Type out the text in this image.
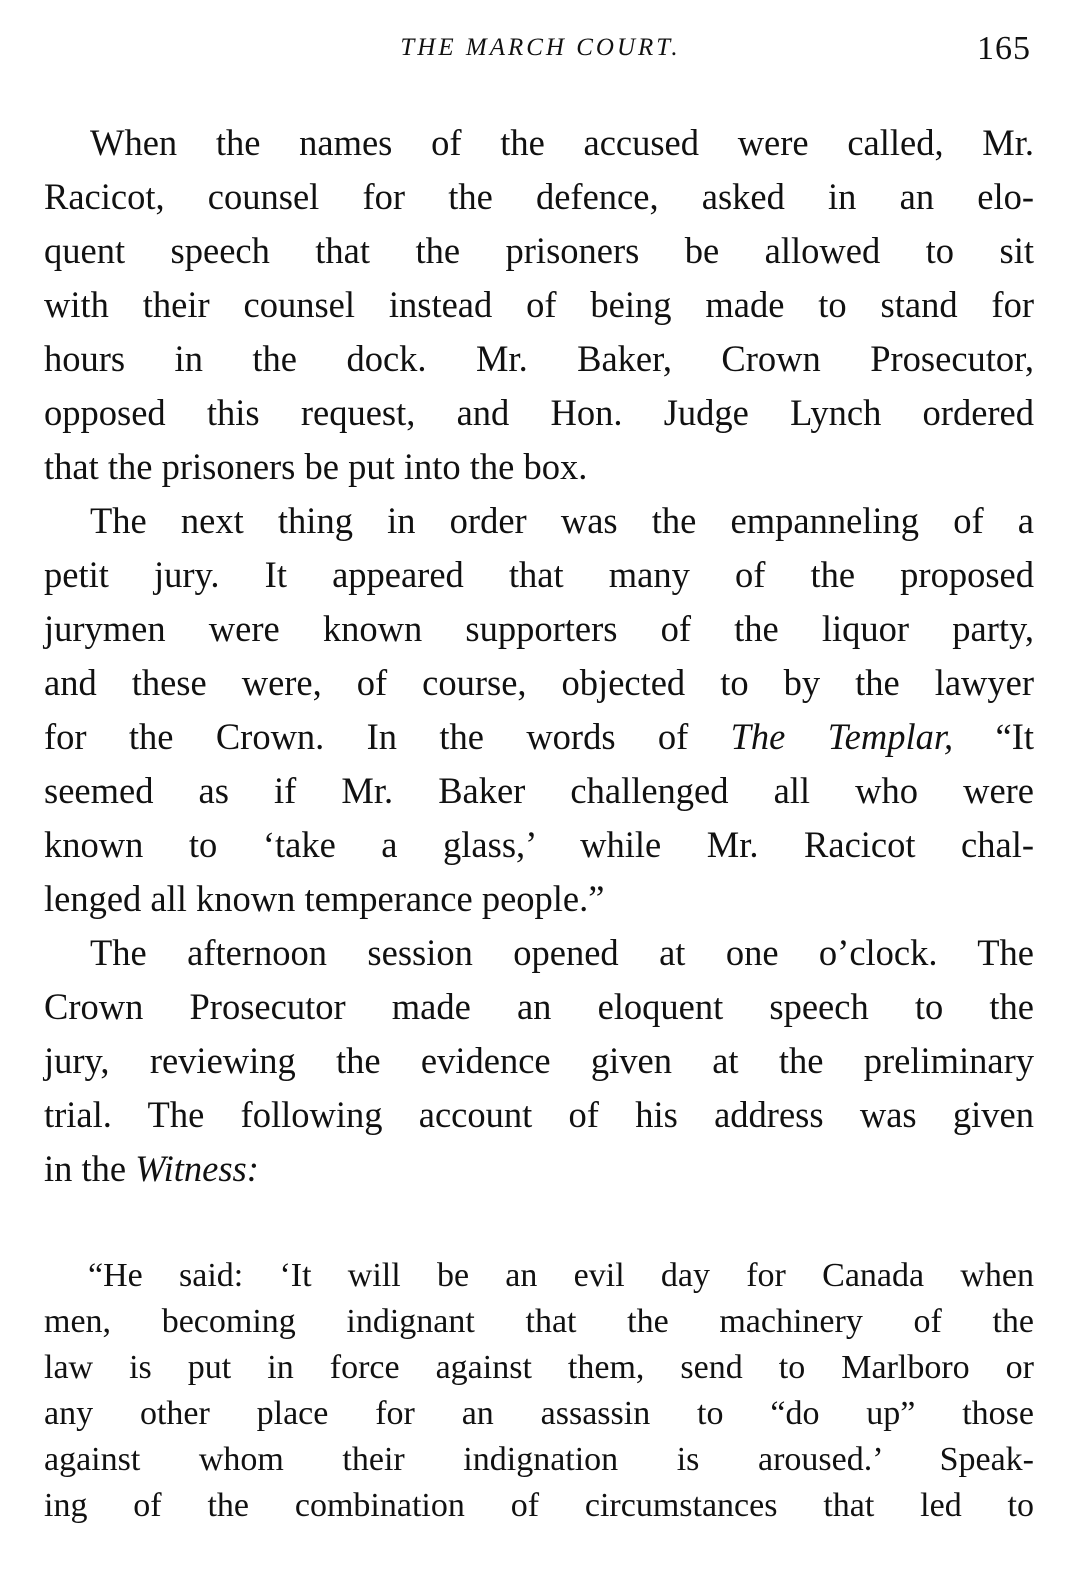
THE MARCH COURT.	165
When the names of the accused were called, Mr.
Racicot, counsel for the defence, asked in an elo-
quent speech that the prisoners be allowed to sit
with their counsel instead of being made to stand for
hours in the dock. Mr. Baker, Crown Prosecutor,
opposed this request, and Hon. Judge Lynch ordered
that the prisoners be put into the box.
The next thing in order was the empanneling of a
petit jury. It appeared that many of the proposed
jurymen were known supporters of the liquor party,
and these were, of course, objected to by the lawyer
for the Crown. In the words of The Templar, “It
seemed as if Mr. Baker challenged all who were
known to ‘take a glass,’ while Mr. Racicot chal-
lenged all known temperance people.”
The afternoon session opened at one o’clock. The
Crown Prosecutor made an eloquent speech to the
jury, reviewing the evidence given at the preliminary
trial. The following account of his address was given
in the Witness:
“He said: ‘It will be an evil day for Canada when
men, becoming indignant that the machinery of the
law is put in force against them, send to Marlboro or
any other place for an assassin to “do up” those
against whom their indignation is aroused.’ Speak-
ing of the combination of circumstances that led to
